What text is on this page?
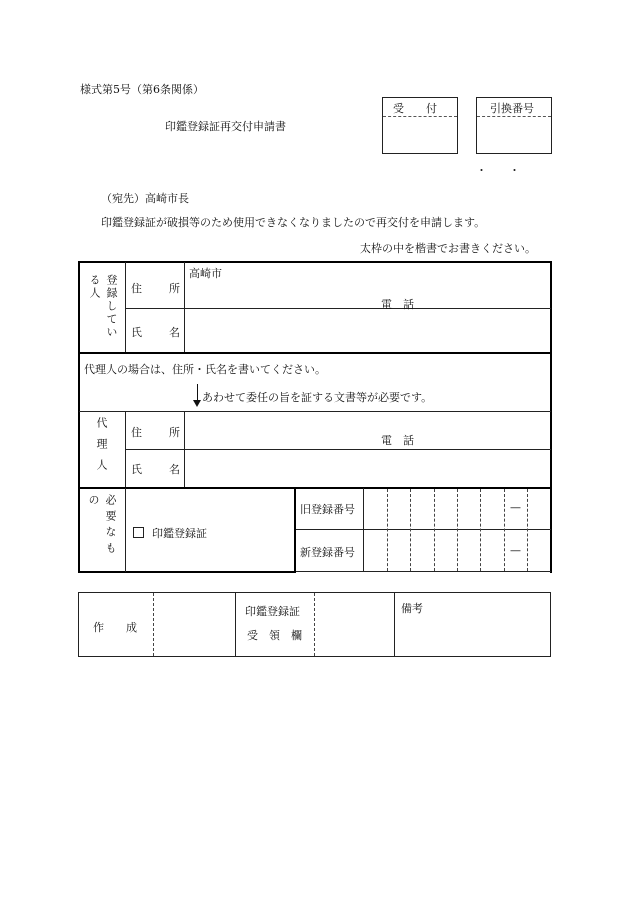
様式第5号（第6条関係）
印鑑登録証再交付申請書
受　　付	引換番号
・　　・
（宛先）高崎市長
印鑑登録証が破損等のため使用できなくなりましたので再交付を申請します。
太枠の中を楷書でお書きください。
登録している人	住　所
高崎市
電　話
氏　名
代理人の場合は、住所・氏名を書いてください。
あわせて委任の旨を証する文書等が必要です。
代理人 住　所
電　話
氏　名
必要なもの
印鑑登録証
旧登録番号
新登録番号
—
—
作　　成
印鑑登録証
受　領　欄
備考
